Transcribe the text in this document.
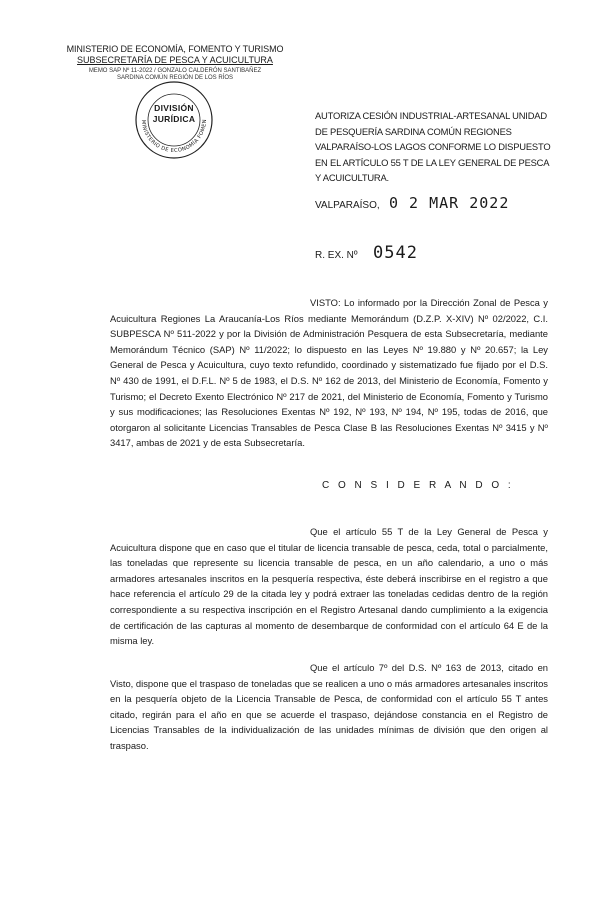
MINISTERIO DE ECONOMÍA, FOMENTO Y TURISMO
SUBSECRETARÍA DE PESCA Y ACUICULTURA
MEMO SAP Nº 11-2022 / GONZALO CALDERÓN SANTIBAÑEZ
SARDINA COMÚN REGIÓN DE LOS RÍOS
MINISTERIO DE ECONOMÍA FOMEN
DIVISIÓN
JURÍDICA	AUTORIZA CESIÓN INDUSTRIAL-ARTESANAL UNIDAD DE PESQUERÍA SARDINA COMÚN REGIONES VALPARAÍSO-LOS LAGOS CONFORME LO DISPUESTO EN EL ARTÍCULO 55 T DE LA LEY GENERAL DE PESCA Y ACUICULTURA.
VALPARAÍSO, 0 2 MAR 2022
R. EX. Nº 0542

VISTO: Lo informado por la Dirección Zonal de Pesca y Acuicultura Regiones La Araucanía-Los Ríos mediante Memorándum (D.Z.P. X-XIV) Nº 02/2022, C.I. SUBPESCA Nº 511-2022 y por la División de Administración Pesquera de esta Subsecretaría, mediante Memorándum Técnico (SAP) Nº 11/2022; lo dispuesto en las Leyes Nº 19.880 y Nº 20.657; la Ley General de Pesca y Acuicultura, cuyo texto refundido, coordinado y sistematizado fue fijado por el D.S. Nº 430 de 1991, el D.F.L. Nº 5 de 1983, el D.S. Nº 162 de 2013, del Ministerio de Economía, Fomento y Turismo; el Decreto Exento Electrónico Nº 217 de 2021, del Ministerio de Economía, Fomento y Turismo y sus modificaciones; las Resoluciones Exentas Nº 192, Nº 193, Nº 194, Nº 195, todas de 2016, que otorgaron al solicitante Licencias Transables de Pesca Clase B las Resoluciones Exentas Nº 3415 y Nº 3417, ambas de 2021 y de esta Subsecretaría.

C O N S I D E R A N D O :

Que el artículo 55 T de la Ley General de Pesca y Acuicultura dispone que en caso que el titular de licencia transable de pesca, ceda, total o parcialmente, las toneladas que represente su licencia transable de pesca, en un año calendario, a uno o más armadores artesanales inscritos en la pesquería respectiva, éste deberá inscribirse en el registro a que hace referencia el artículo 29 de la citada ley y podrá extraer las toneladas cedidas dentro de la región correspondiente a su respectiva inscripción en el Registro Artesanal dando cumplimiento a la exigencia de certificación de las capturas al momento de desembarque de conformidad con el artículo 64 E de la misma ley.

Que el artículo 7º del D.S. Nº 163 de 2013, citado en Visto, dispone que el traspaso de toneladas que se realicen a uno o más armadores artesanales inscritos en la pesquería objeto de la Licencia Transable de Pesca, de conformidad con el artículo 55 T antes citado, regirán para el año en que se acuerde el traspaso, dejándose constancia en el Registro de Licencias Transables de la individualización de las unidades mínimas de división que den origen al traspaso.
